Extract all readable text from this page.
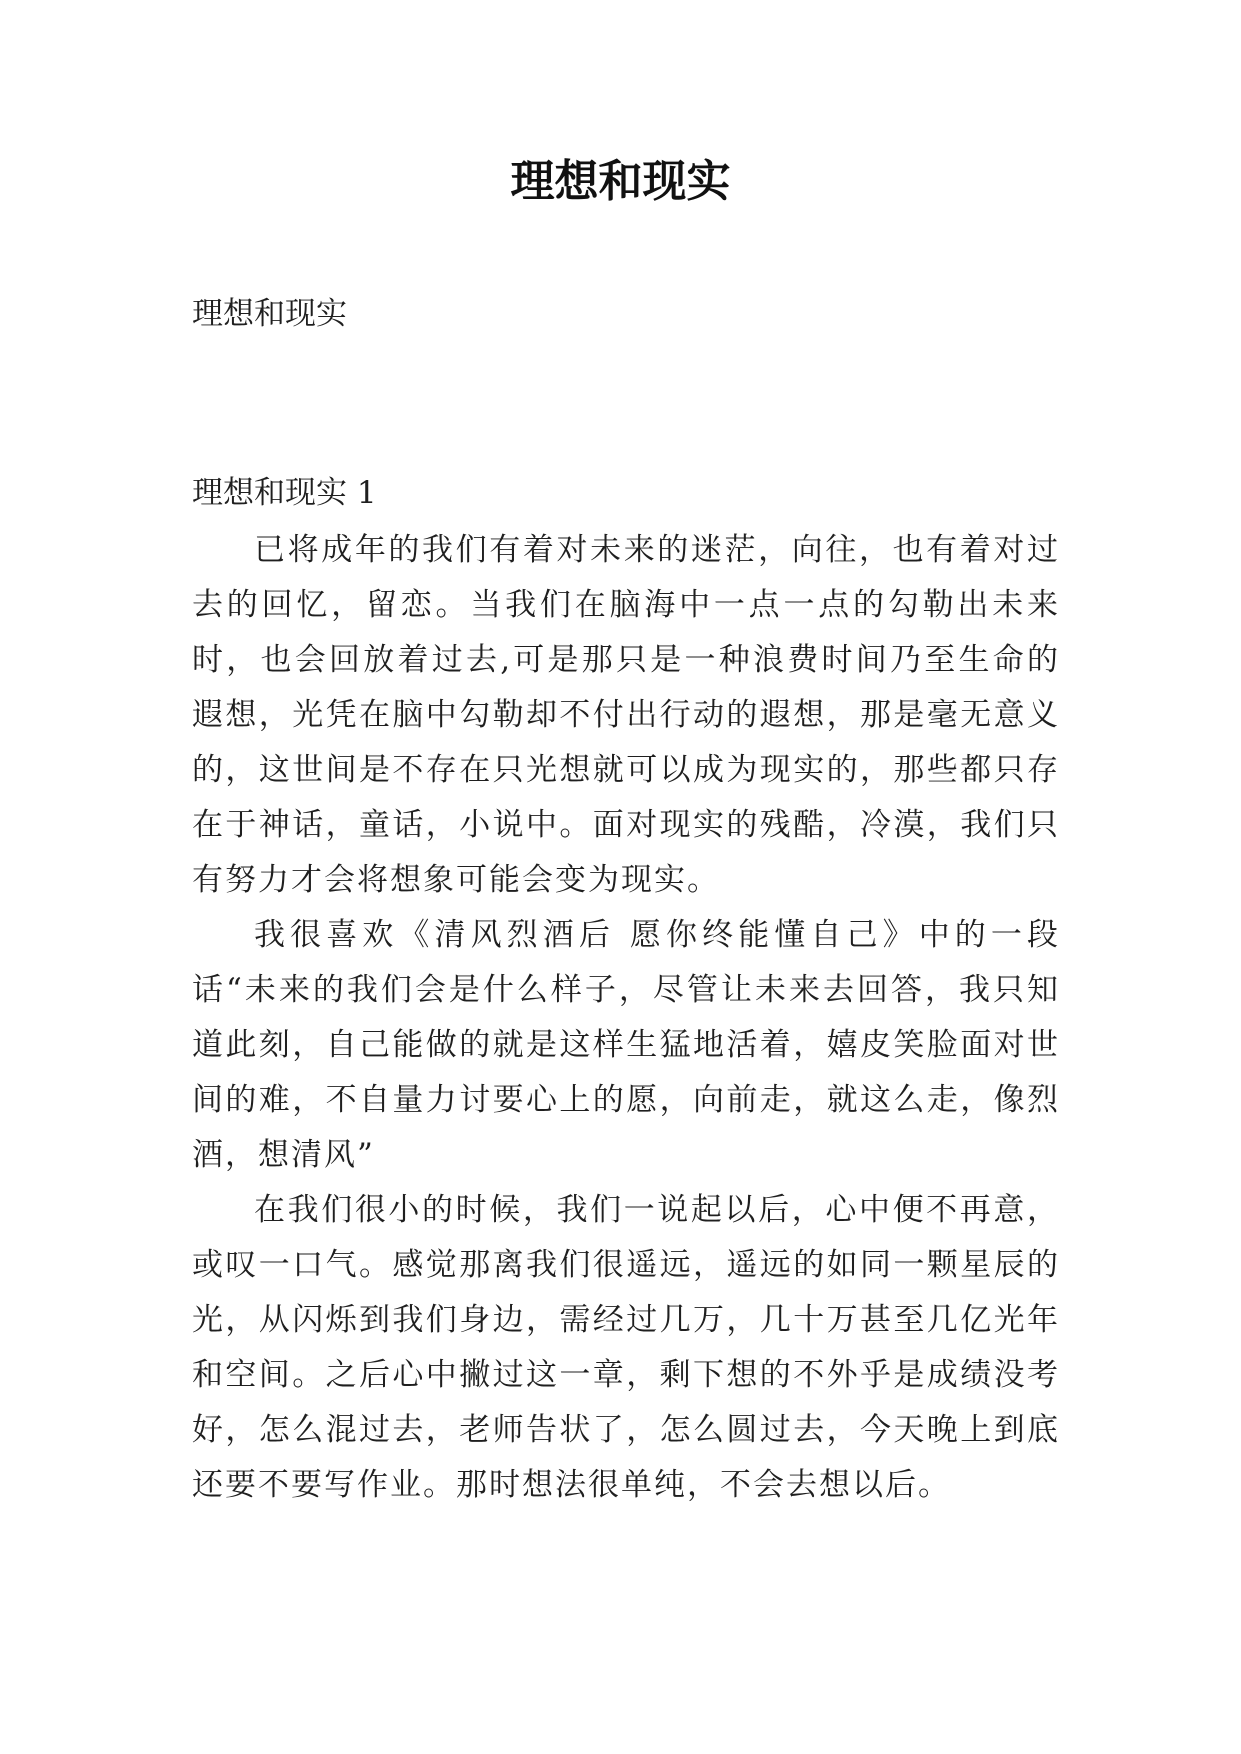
理想和现实

理想和现实

理想和现实 1

已将成年的我们有着对未来的迷茫，向往，也有着对过去的回忆，留恋。当我们在脑海中一点一点的勾勒出未来时，也会回放着过去,可是那只是一种浪费时间乃至生命的遐想，光凭在脑中勾勒却不付出行动的遐想，那是毫无意义的，这世间是不存在只光想就可以成为现实的，那些都只存在于神话，童话，小说中。面对现实的残酷，冷漠，我们只有努力才会将想象可能会变为现实。

我很喜欢《清风烈酒后 愿你终能懂自己》中的一段话“未来的我们会是什么样子，尽管让未来去回答，我只知道此刻，自己能做的就是这样生猛地活着，嬉皮笑脸面对世间的难，不自量力讨要心上的愿，向前走，就这么走，像烈酒，想清风”

在我们很小的时候，我们一说起以后，心中便不再意，或叹一口气。感觉那离我们很遥远，遥远的如同一颗星辰的光，从闪烁到我们身边，需经过几万，几十万甚至几亿光年和空间。之后心中撇过这一章，剩下想的不外乎是成绩没考好，怎么混过去，老师告状了，怎么圆过去，今天晚上到底还要不要写作业。那时想法很单纯，不会去想以后。
